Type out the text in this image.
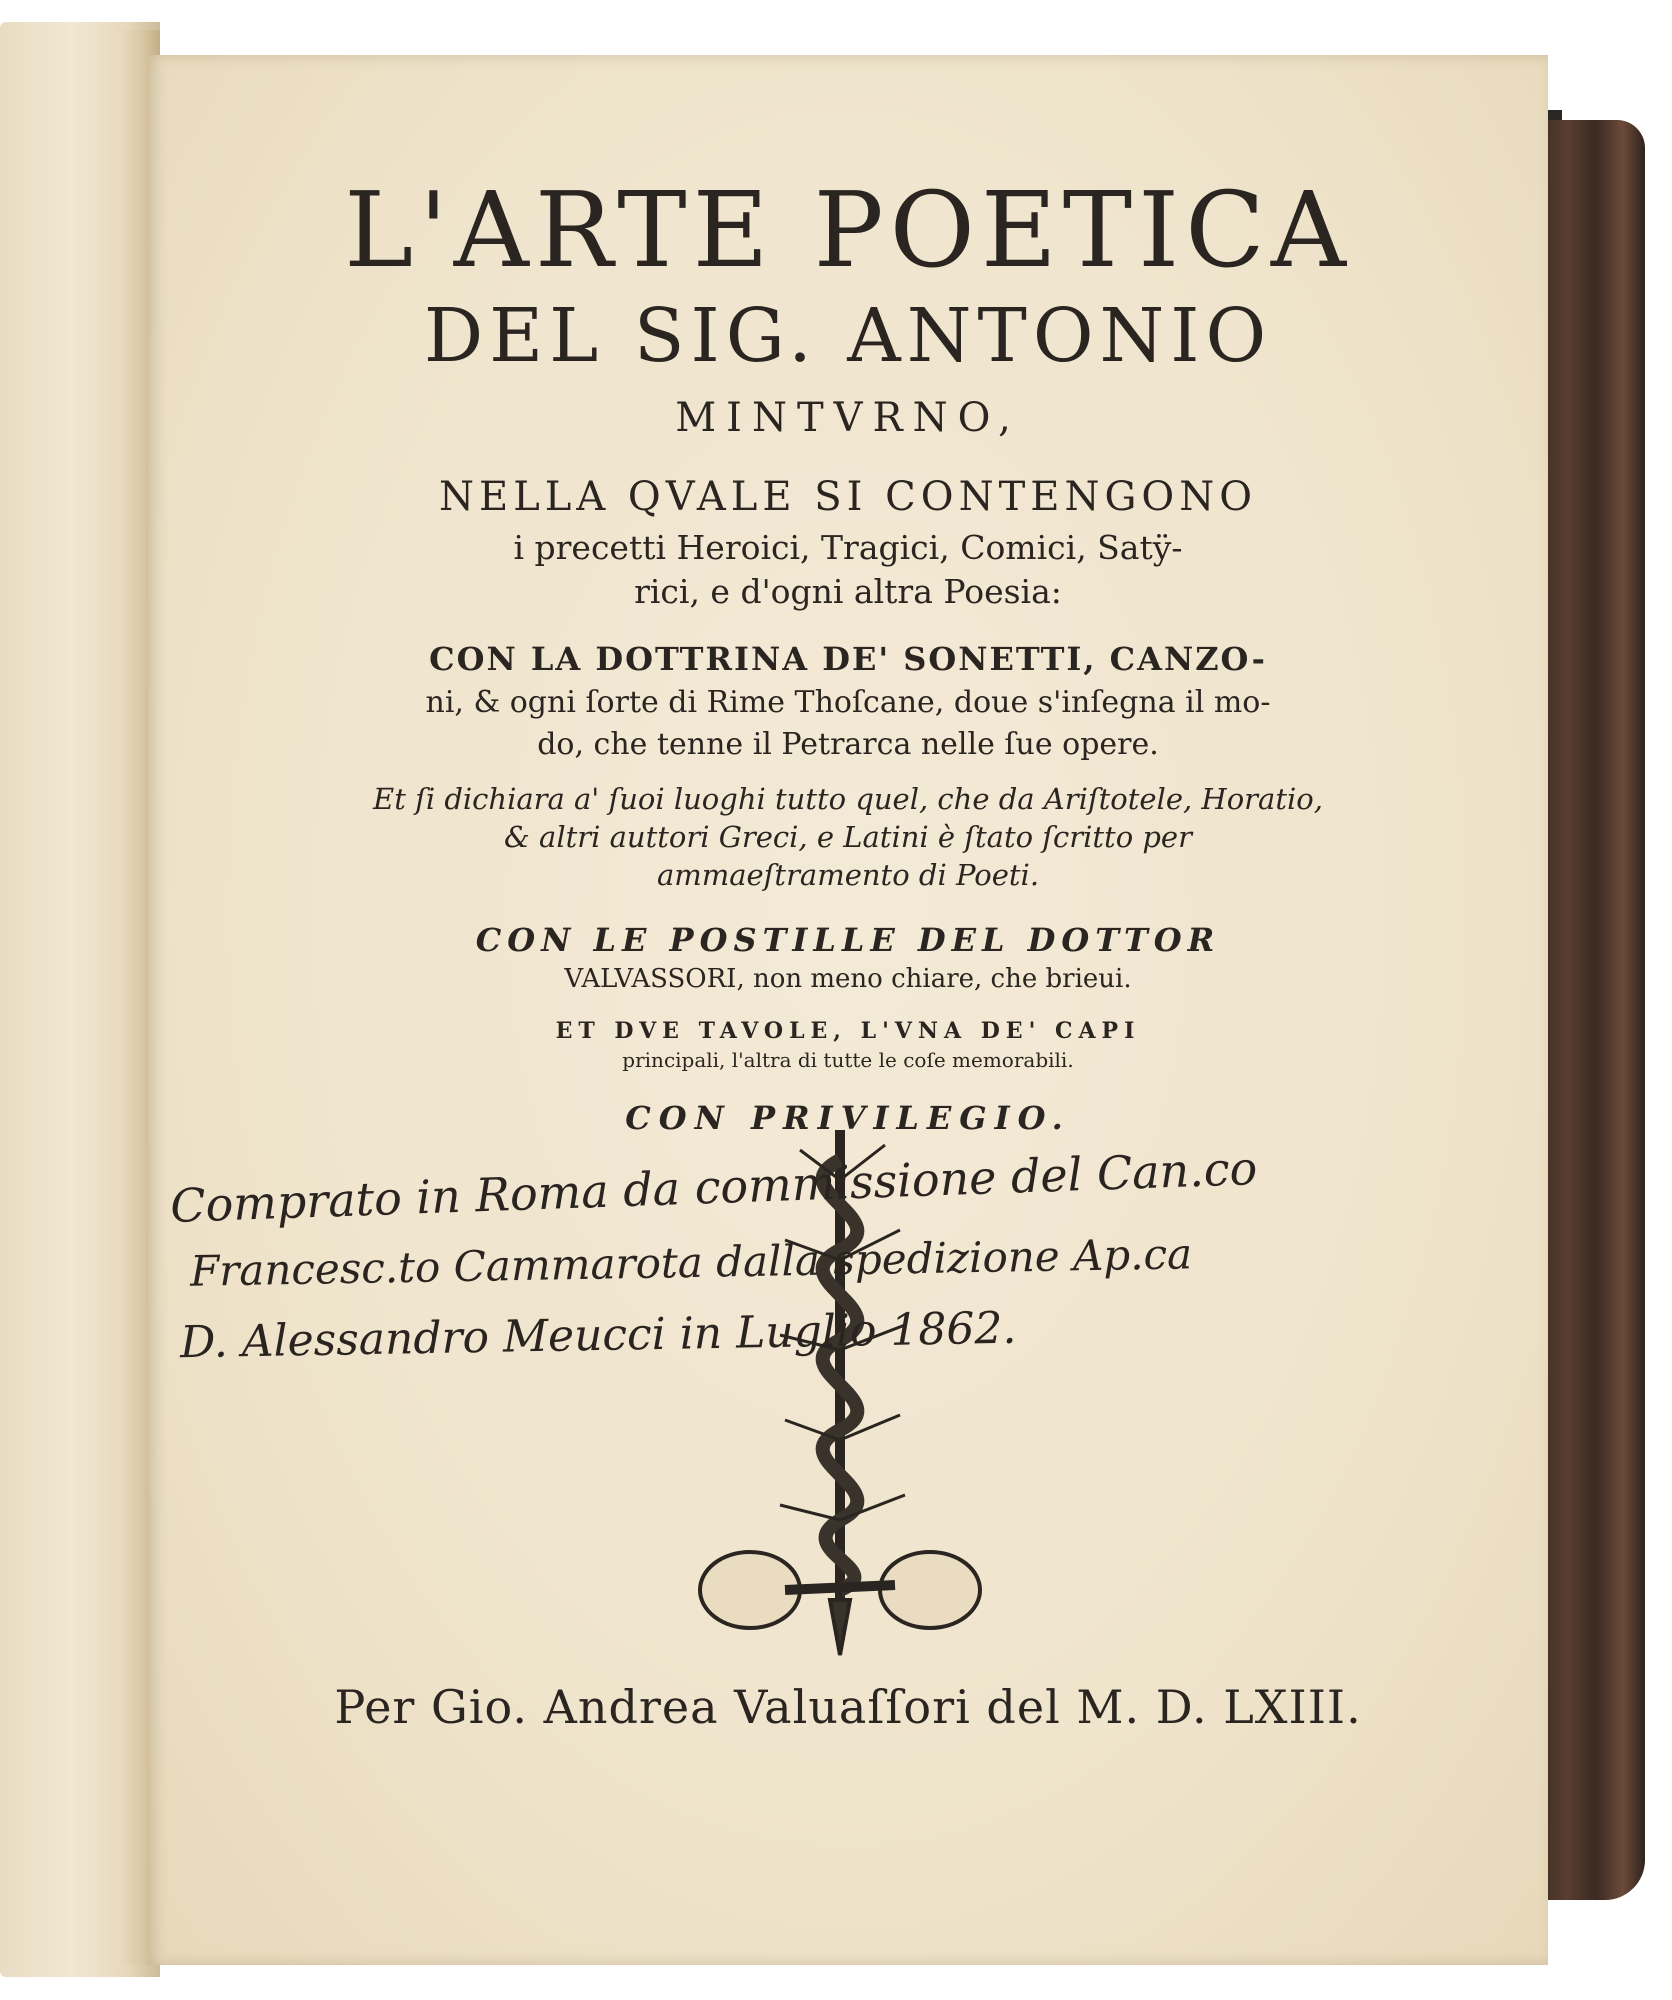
L'ARTE POETICA
DEL SIG. ANTONIO
MINTVRNO,
NELLA QVALE SI CONTENGONO
i precetti Heroici, Tragici, Comici, Satÿ-
rici, e d'ogni altra Poesia:
CON LA DOTTRINA DE' SONETTI, CANZO-
ni, & ogni ſorte di Rime Thoſcane, doue s'inſegna il mo-
do, che tenne il Petrarca nelle ſue opere.
Et ſi dichiara a' ſuoi luoghi tutto quel, che da Ariſtotele, Horatio,
& altri auttori Greci, e Latini è ſtato ſcritto per
ammaeſtramento di Poeti.
CON LE POSTILLE DEL DOTTOR
VALVASSORI, non meno chiare, che brieui.
ET DVE TAVOLE, L'VNA DE' CAPI
principali, l'altra di tutte le coſe memorabili.
CON PRIVILEGIO.
Comprato in Roma da commissione del Can.co
Francesc.to Cammarota dalla spedizione Ap.ca
D. Alessandro Meucci in Luglio 1862.
Per Gio. Andrea Valuaſſori del M. D. LXIII.
